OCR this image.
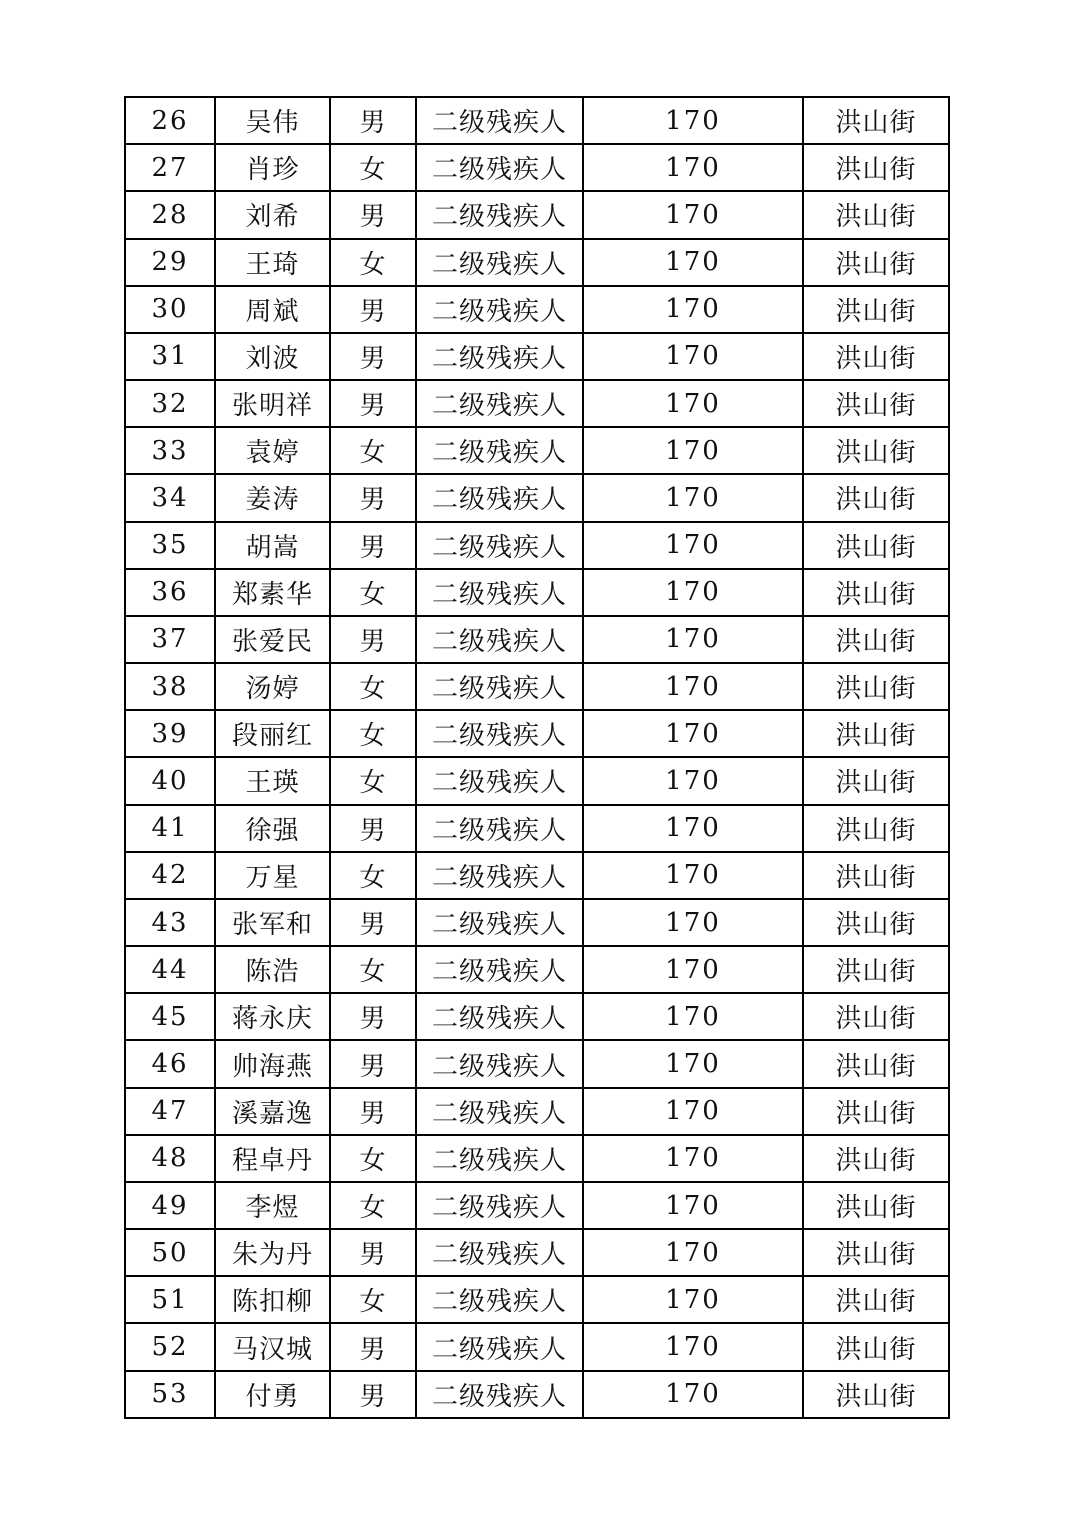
26	吴伟	男	二级残疾人	170	洪山街
27	肖珍	女	二级残疾人	170	洪山街
28	刘希	男	二级残疾人	170	洪山街
29	王琦	女	二级残疾人	170	洪山街
30	周斌	男	二级残疾人	170	洪山街
31	刘波	男	二级残疾人	170	洪山街
32	张明祥	男	二级残疾人	170	洪山街
33	袁婷	女	二级残疾人	170	洪山街
34	姜涛	男	二级残疾人	170	洪山街
35	胡嵩	男	二级残疾人	170	洪山街
36	郑素华	女	二级残疾人	170	洪山街
37	张爱民	男	二级残疾人	170	洪山街
38	汤婷	女	二级残疾人	170	洪山街
39	段丽红	女	二级残疾人	170	洪山街
40	王瑛	女	二级残疾人	170	洪山街
41	徐强	男	二级残疾人	170	洪山街
42	万星	女	二级残疾人	170	洪山街
43	张军和	男	二级残疾人	170	洪山街
44	陈浩	女	二级残疾人	170	洪山街
45	蒋永庆	男	二级残疾人	170	洪山街
46	帅海燕	男	二级残疾人	170	洪山街
47	溪嘉逸	男	二级残疾人	170	洪山街
48	程卓丹	女	二级残疾人	170	洪山街
49	李煜	女	二级残疾人	170	洪山街
50	朱为丹	男	二级残疾人	170	洪山街
51	陈扣柳	女	二级残疾人	170	洪山街
52	马汉城	男	二级残疾人	170	洪山街
53	付勇	男	二级残疾人	170	洪山街
